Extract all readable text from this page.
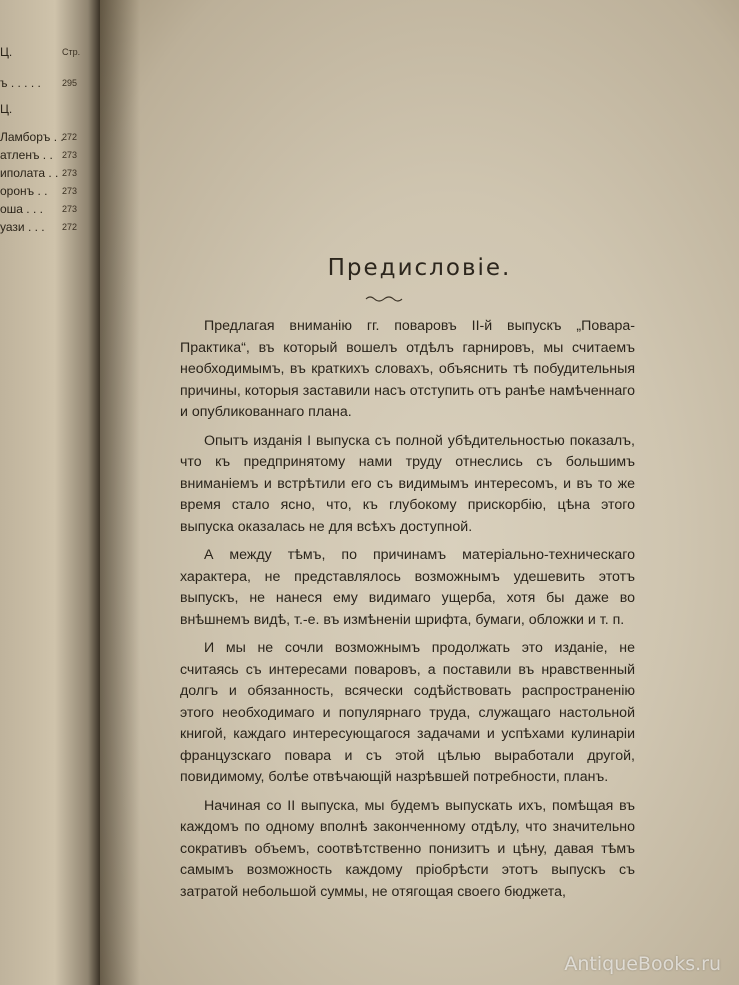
Ц.	Стр.
ъ . . . . . 295
Ц.
Ламборъ . .
272
атленъ . . 273
иполата . . 273
оронъ . . 273
оша . . . 273
уази . . . 272
Предисловіе.

Предлагая вниманію гг. поваровъ II-й выпускъ „Повара-Практика“, въ который вошелъ отдѣлъ гарнировъ, мы считаемъ необходимымъ, въ краткихъ словахъ, объяснить тѣ побудительныя причины, которыя заставили насъ отступить отъ ранѣе намѣченнаго и опубликованнаго плана.

Опытъ изданія I выпуска съ полной убѣдительностью показалъ, что къ предпринятому нами труду отнеслись съ большимъ вниманіемъ и встрѣтили его съ видимымъ интересомъ, и въ то же время стало ясно, что, къ глубокому прискорбію, цѣна этого выпуска оказалась не для всѣхъ доступной.

А между тѣмъ, по причинамъ матеріально-техническаго характера, не представлялось возможнымъ удешевить этотъ выпускъ, не нанеся ему видимаго ущерба, хотя бы даже во внѣшнемъ видѣ, т.-е. въ измѣненіи шрифта, бумаги, обложки и т. п.

И мы не сочли возможнымъ продолжать это изданіе, не считаясь съ интересами поваровъ, а поставили въ нравственный долгъ и обязанность, всячески содѣйствовать распространенію этого необходимаго и популярнаго труда, служащаго настольной книгой, каждаго интересующагося задачами и успѣхами кулинаріи французскаго повара и съ этой цѣлью выработали другой, повидимому, болѣе отвѣчающій назрѣвшей потребности, планъ.

Начиная со II выпуска, мы будемъ выпускать ихъ, помѣщая въ каждомъ по одному вполнѣ законченному отдѣлу, что значительно сокративъ объемъ, соотвѣтственно понизитъ и цѣну, давая тѣмъ самымъ возможность каждому пріобрѣсти этотъ выпускъ съ затратой небольшой суммы, не отягощая своего бюджета,

AntiqueBooks.ru
